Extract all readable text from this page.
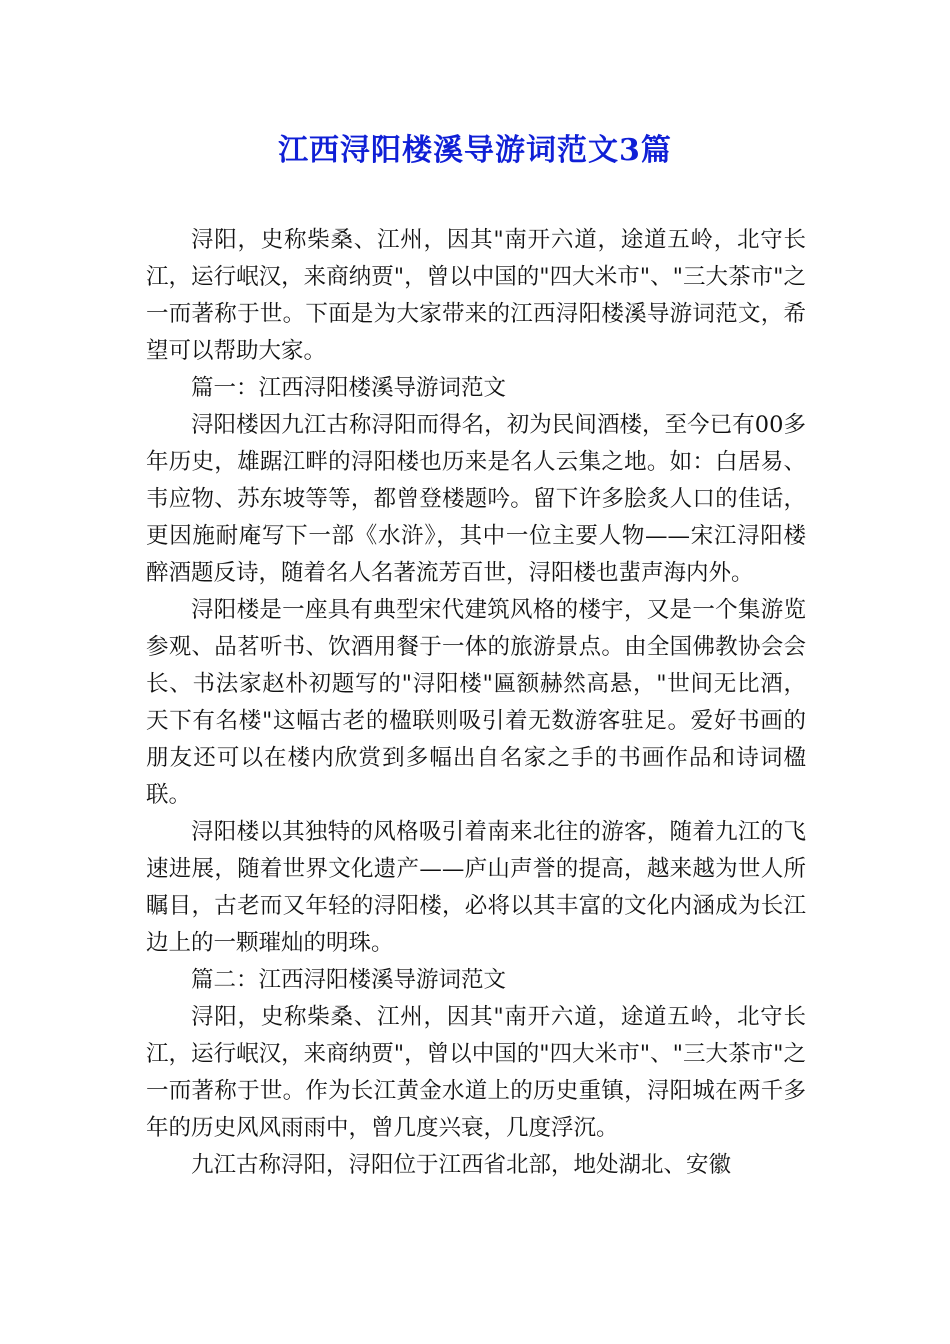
江西浔阳楼溪导游词范文3篇

浔阳，史称柴桑、江州，因其"南开六道，途道五岭，北守长江，运行岷汉，来商纳贾"，曾以中国的"四大米市"、"三大茶市"之一而著称于世。下面是为大家带来的江西浔阳楼溪导游词范文，希望可以帮助大家。

篇一：江西浔阳楼溪导游词范文

浔阳楼因九江古称浔阳而得名，初为民间酒楼，至今已有00多年历史，雄踞江畔的浔阳楼也历来是名人云集之地。如：白居易、韦应物、苏东坡等等，都曾登楼题吟。留下许多脍炙人口的佳话，更因施耐庵写下一部《水浒》，其中一位主要人物——宋江浔阳楼醉酒题反诗，随着名人名著流芳百世，浔阳楼也蜚声海内外。

浔阳楼是一座具有典型宋代建筑风格的楼宇，又是一个集游览参观、品茗听书、饮酒用餐于一体的旅游景点。由全国佛教协会会长、书法家赵朴初题写的"浔阳楼"匾额赫然高悬，"世间无比酒，天下有名楼"这幅古老的楹联则吸引着无数游客驻足。爱好书画的朋友还可以在楼内欣赏到多幅出自名家之手的书画作品和诗词楹联。

浔阳楼以其独特的风格吸引着南来北往的游客，随着九江的飞速进展，随着世界文化遗产——庐山声誉的提高，越来越为世人所瞩目，古老而又年轻的浔阳楼，必将以其丰富的文化内涵成为长江边上的一颗璀灿的明珠。

篇二：江西浔阳楼溪导游词范文

浔阳，史称柴桑、江州，因其"南开六道，途道五岭，北守长江，运行岷汉，来商纳贾"，曾以中国的"四大米市"、"三大茶市"之一而著称于世。作为长江黄金水道上的历史重镇，浔阳城在两千多年的历史风风雨雨中，曾几度兴衰，几度浮沉。

九江古称浔阳，浔阳位于江西省北部，地处湖北、安徽
